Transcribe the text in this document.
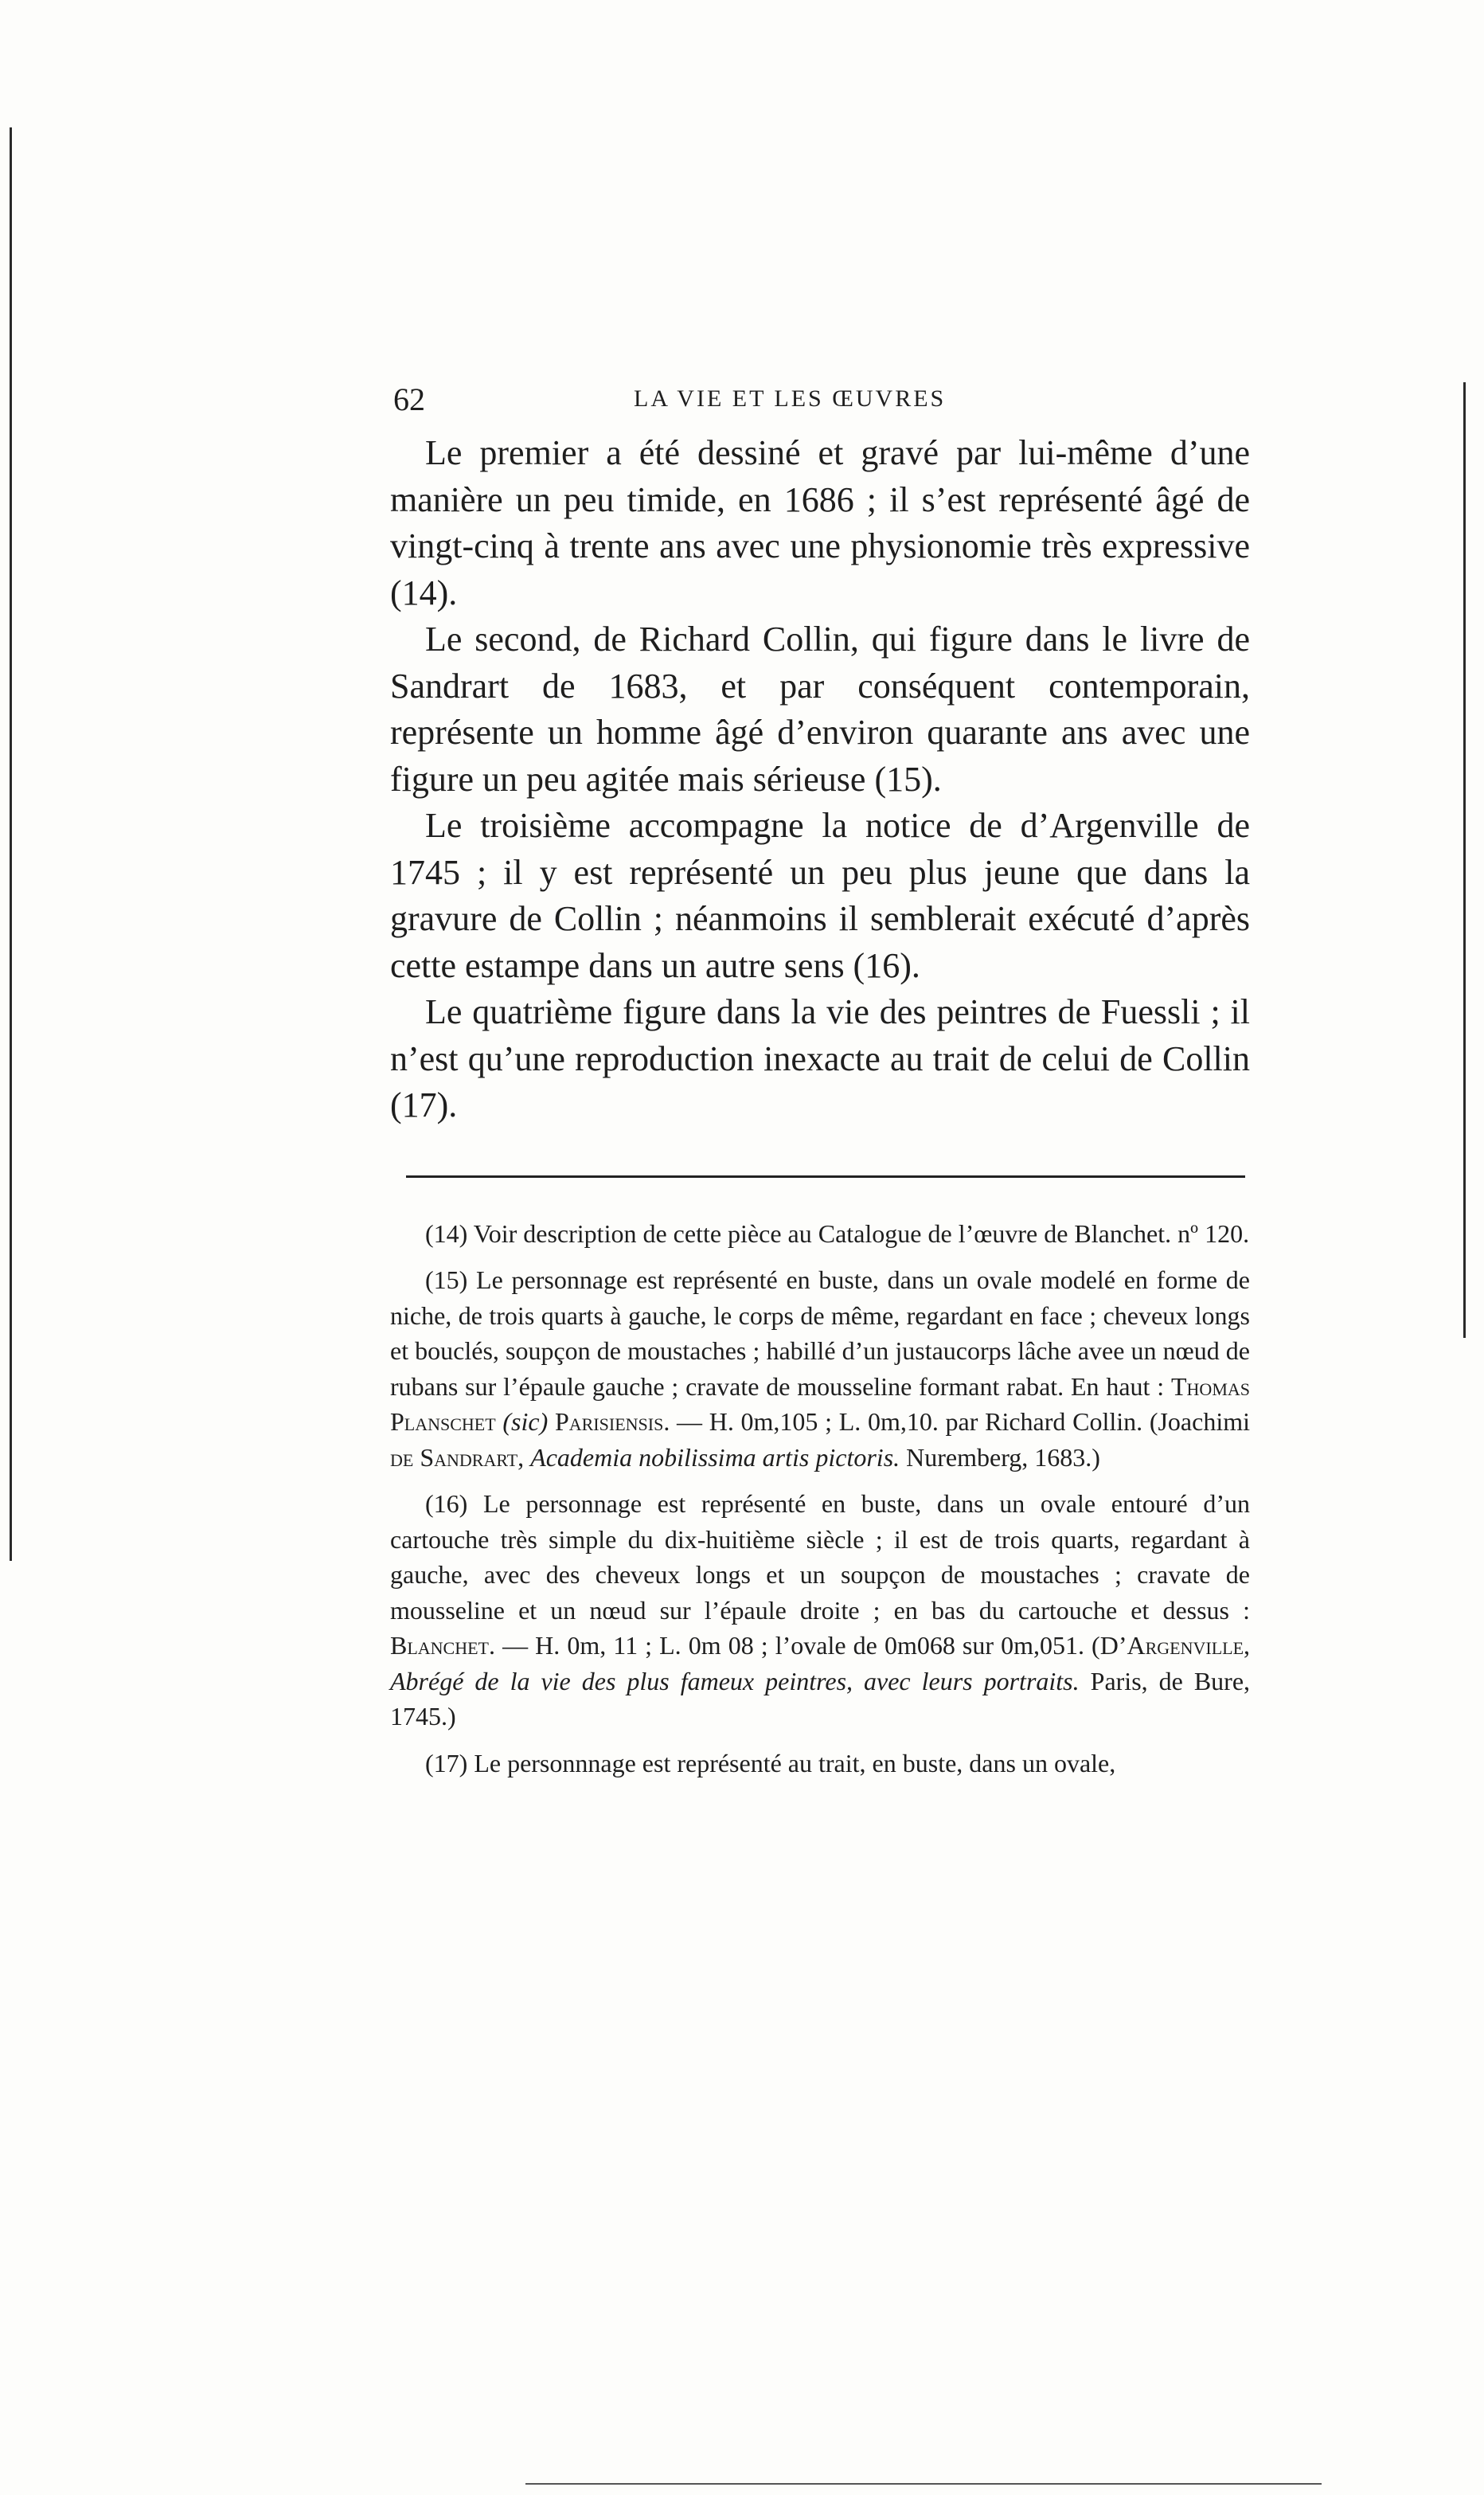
62	LA VIE ET LES ŒUVRES

Le premier a été dessiné et gravé par lui-même d’une manière un peu timide, en 1686 ; il s’est représenté âgé de vingt-cinq à trente ans avec une physionomie très expressive (14).

Le second, de Richard Collin, qui figure dans le livre de Sandrart de 1683, et par conséquent contemporain, représente un homme âgé d’environ quarante ans avec une figure un peu agitée mais sérieuse (15).

Le troisième accompagne la notice de d’Argenville de 1745 ; il y est représenté un peu plus jeune que dans la gravure de Collin ; néanmoins il semblerait exécuté d’après cette estampe dans un autre sens (16).

Le quatrième figure dans la vie des peintres de Fuessli ; il n’est qu’une reproduction inexacte au trait de celui de Collin (17).

(14) Voir description de cette pièce au Catalogue de l’œuvre de Blanchet. nº 120.

(15) Le personnage est représenté en buste, dans un ovale modelé en forme de niche, de trois quarts à gauche, le corps de même, regardant en face ; cheveux longs et bouclés, soupçon de moustaches ; habillé d’un justaucorps lâche avee un nœud de rubans sur l’épaule gauche ; cravate de mousseline formant rabat. En haut : Thomas Planschet (sic) Parisiensis. — H. 0m,105 ; L. 0m,10. par Richard Collin. (Joachimi de Sandrart, Academia nobilissima artis pictoris. Nuremberg, 1683.)

(16) Le personnage est représenté en buste, dans un ovale entouré d’un cartouche très simple du dix-huitième siècle ; il est de trois quarts, regardant à gauche, avec des cheveux longs et un soupçon de moustaches ; cravate de mousseline et un nœud sur l’épaule droite ; en bas du cartouche et dessus : Blanchet. — H. 0m, 11 ; L. 0m 08 ; l’ovale de 0m068 sur 0m,051. (D’Argenville, Abrégé de la vie des plus fameux peintres, avec leurs portraits. Paris, de Bure, 1745.)

(17) Le personnnage est représenté au trait, en buste, dans un ovale,
